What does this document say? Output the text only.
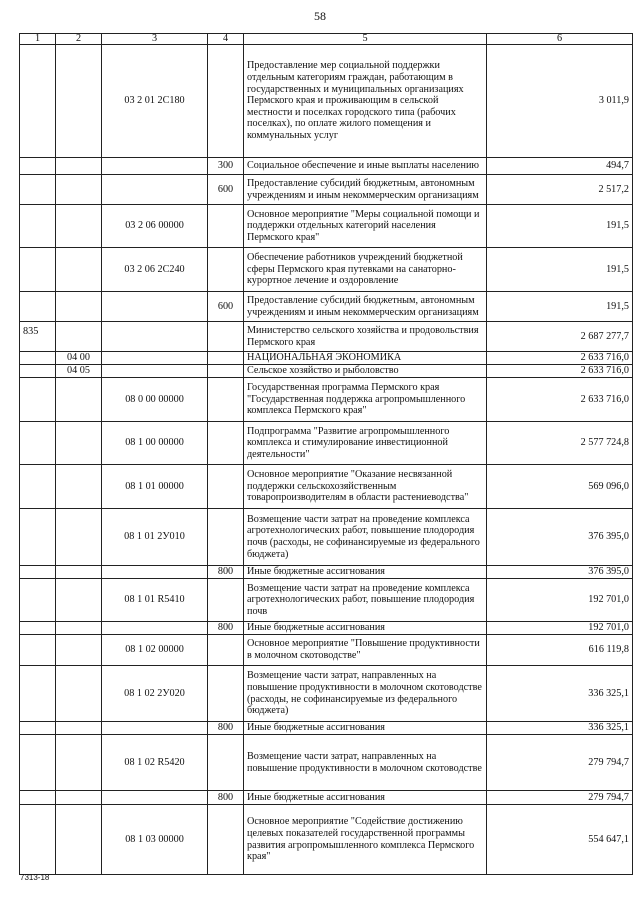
58
1	2	3	4	5	6
		03 2 01 2С180		Предоставление мер социальной поддержки отдельным категориям граждан, работающим в государственных и муниципальных организациях Пермского края и проживающим в сельской местности и поселках городского типа (рабочих поселках), по оплате жилого помещения и коммунальных услуг	3 011,9
			300	Социальное обеспечение и иные выплаты населению	494,7
			600	Предоставление субсидий бюджетным, автономным учреждениям и иным некоммерческим организациям	2 517,2
		03 2 06 00000		Основное мероприятие "Меры социальной помощи и поддержки отдельных категорий населения Пермского края"	191,5
		03 2 06 2С240		Обеспечение работников учреждений бюджетной сферы Пермского края путевками на санаторно-курортное лечение и оздоровление	191,5
			600	Предоставление субсидий бюджетным, автономным учреждениям и иным некоммерческим организациям	191,5
835				Министерство сельского хозяйства и продовольствия Пермского края	2 687 277,7
	04 00			НАЦИОНАЛЬНАЯ ЭКОНОМИКА	2 633 716,0
	04 05			Сельское хозяйство и рыболовство	2 633 716,0
		08 0 00 00000		Государственная программа Пермского края "Государственная поддержка агропромышленного комплекса Пермского края"	2 633 716,0
		08 1 00 00000		Подпрограмма "Развитие агропромышленного комплекса и стимулирование инвестиционной деятельности"	2 577 724,8
		08 1 01 00000		Основное мероприятие "Оказание несвязанной поддержки сельскохозяйственным товаропроизводителям в области растениеводства"	569 096,0
		08 1 01 2У010		Возмещение части затрат на проведение комплекса агротехнологических работ, повышение плодородия почв (расходы, не софинансируемые из федерального бюджета)	376 395,0
			800	Иные бюджетные ассигнования	376 395,0
		08 1 01 R5410		Возмещение части затрат на проведение комплекса агротехнологических работ, повышение плодородия почв	192 701,0
			800	Иные бюджетные ассигнования	192 701,0
		08 1 02 00000		Основное мероприятие "Повышение продуктивности в молочном скотоводстве"	616 119,8
		08 1 02 2У020		Возмещение части затрат, направленных на повышение продуктивности в молочном скотоводстве (расходы, не софинансируемые из федерального бюджета)	336 325,1
			800	Иные бюджетные ассигнования	336 325,1
		08 1 02 R5420		Возмещение части затрат, направленных на повышение продуктивности в молочном скотоводстве	279 794,7
			800	Иные бюджетные ассигнования	279 794,7
		08 1 03 00000		Основное мероприятие "Содействие достижению целевых показателей государственной программы развития агропромышленного комплекса Пермского края"	554 647,1
7313-18
